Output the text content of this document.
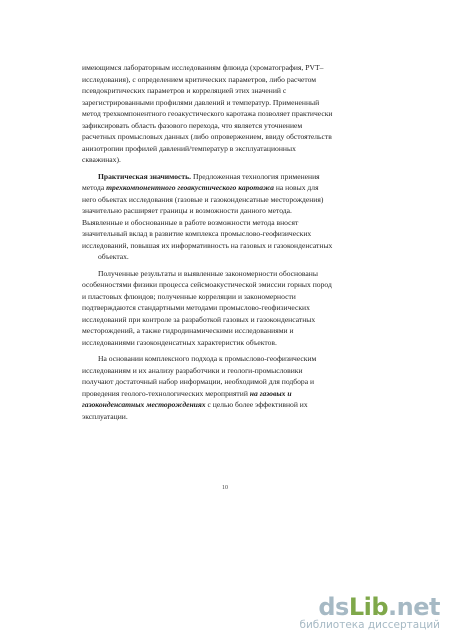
имеющимся лабораторным исследованиям флюида (хроматография, PVT–
исследования), с определением критических параметров, либо расчетом
псевдокритических параметров и корреляцией этих значений с
зарегистрированными профилями давлений и температур. Примененный
метод трехкомпонентного геоакустического каротажа позволяет практически
зафиксировать область фазового перехода, что является уточнением
расчетных промысловых данных (либо опровержением, ввиду обстоятельств
анизотропии профилей давлений/температур в эксплуатационных
скважинах).

Практическая значимость. Предложенная технология применения
метода трехкомпонентного геоакустического каротажа на новых для
него объектах исследования (газовые и газоконденсатные месторождения)
значительно расширяет границы и возможности данного метода.
Выявленные и обоснованные в работе возможности метода вносят
значительный вклад в развитие комплекса промыслово-геофизических
исследований, повышая их информативность на газовых и газоконденсатных
объектах.

Полученные результаты и выявленные закономерности обоснованы
особенностями физики процесса сейсмоакустической эмиссии горных пород
и пластовых флюидов; полученные корреляции и закономерности
подтверждаются стандартными методами промыслово-геофизических
исследований при контроле за разработкой газовых и газоконденсатных
месторождений, а также гидродинамическими исследованиями и
исследованиями газоконденсатных характеристик объектов.

На основании комплексного подхода к промыслово-геофизическим
исследованиям и их анализу разработчики и геологи-промысловики
получают достаточный набор информации, необходимой для подбора и
проведения геолого-технологических мероприятий на газовых и
газоконденсатных месторождениях с целью более эффективной их
эксплуатации.

10
dsLib.net
библиотека диссертаций
